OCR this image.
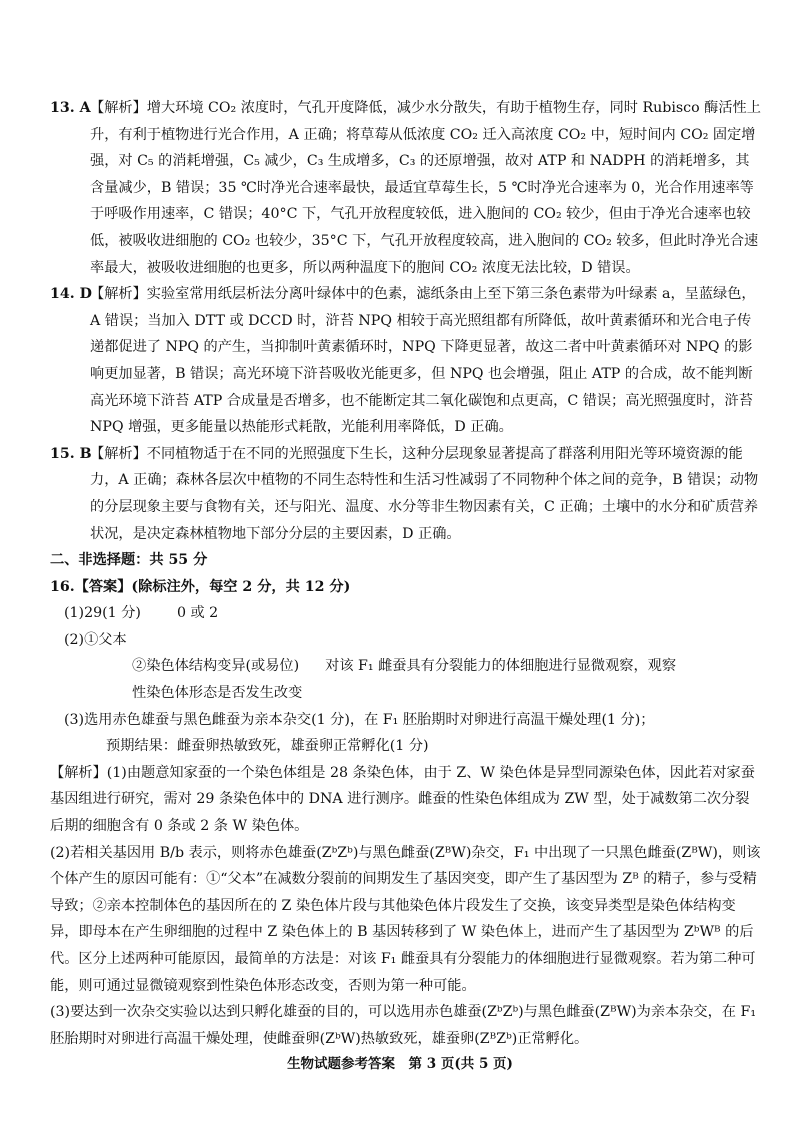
13. A 【解析】增大环境 CO₂ 浓度时，气孔开度降低，减少水分散失，有助于植物生存，同时 Rubisco 酶活性上升，有利于植物进行光合作用，A 正确；将草莓从低浓度 CO₂ 迁入高浓度 CO₂ 中，短时间内 CO₂ 固定增强，对 C₅ 的消耗增强，C₅ 减少，C₃ 生成增多，C₃ 的还原增强，故对 ATP 和 NADPH 的消耗增多，其含量减少，B 错误；35 ℃时净光合速率最快，最适宜草莓生长，5 ℃时净光合速率为 0，光合作用速率等于呼吸作用速率，C 错误；40°C 下，气孔开放程度较低，进入胞间的 CO₂ 较少，但由于净光合速率也较低，被吸收进细胞的 CO₂ 也较少，35°C 下，气孔开放程度较高，进入胞间的 CO₂ 较多，但此时净光合速率最大，被吸收进细胞的也更多，所以两种温度下的胞间 CO₂ 浓度无法比较，D 错误。
14. D
【解析】实验室常用纸层析法分离叶绿体中的色素，滤纸条由上至下第三条色素带为叶绿素 a，呈蓝绿色，A 错误；当加入 DTT 或 DCCD 时，浒苔 NPQ 相较于高光照组都有所降低，故叶黄素循环和光合电子传递都促进了 NPQ 的产生，当抑制叶黄素循环时，NPQ 下降更显著，故这二者中叶黄素循环对 NPQ 的影响更加显著，B 错误；高光环境下浒苔吸收光能更多，但 NPQ 也会增强，阻止 ATP 的合成，故不能判断高光环境下浒苔 ATP 合成量是否增多，也不能断定其二氧化碳饱和点更高，C 错误；高光照强度时，浒苔 NPQ 增强，更多能量以热能形式耗散，光能利用率降低，D 正确。
15. B
【解析】不同植物适于在不同的光照强度下生长，这种分层现象显著提高了群落利用阳光等环境资源的能力，A 正确；森林各层次中植物的不同生态特性和生活习性减弱了不同物种个体之间的竞争，B 错误；动物的分层现象主要与食物有关，还与阳光、温度、水分等非生物因素有关，C 正确；土壤中的水分和矿质营养状况，是决定森林植物地下部分分层的主要因素，D 正确。

二、非选择题：共 55 分

16.【答案】(除标注外，每空 2 分，共 12 分)

(1)29(1 分)	0 或 2

(2)①父本

②染色体结构变异(或易位) 对该 F₁ 雌蚕具有分裂能力的体细胞进行显微观察，观察

性染色体形态是否发生改变

(3)选用赤色雄蚕与黑色雌蚕为亲本杂交(1 分)，在 F₁ 胚胎期时对卵进行高温干燥处理(1 分)；

预期结果：雌蚕卵热敏致死，雄蚕卵正常孵化(1 分)

【解析】(1)由题意知家蚕的一个染色体组是 28 条染色体，由于 Z、W 染色体是异型同源染色体，因此若对家蚕基因组进行研究，需对 29 条染色体中的 DNA 进行测序。雌蚕的性染色体组成为 ZW 型，处于减数第二次分裂后期的细胞含有 0 条或 2 条 W 染色体。

(2)若相关基因用 B/b 表示，则将赤色雄蚕(ZᵇZᵇ)与黑色雌蚕(ZᴮW)杂交，F₁ 中出现了一只黑色雌蚕(ZᴮW)，则该个体产生的原因可能有：①“父本”在减数分裂前的间期发生了基因突变，即产生了基因型为 Zᴮ 的精子，参与受精导致；②亲本控制体色的基因所在的 Z 染色体片段与其他染色体片段发生了交换，该变异类型是染色体结构变异，即母本在产生卵细胞的过程中 Z 染色体上的 B 基因转移到了 W 染色体上，进而产生了基因型为 ZᵇWᴮ 的后代。区分上述两种可能原因，最简单的方法是：对该 F₁ 雌蚕具有分裂能力的体细胞进行显微观察。若为第二种可能，则可通过显微镜观察到性染色体形态改变，否则为第一种可能。

(3)要达到一次杂交实验以达到只孵化雄蚕的目的，可以选用赤色雄蚕(ZᵇZᵇ)与黑色雌蚕(ZᴮW)为亲本杂交，在 F₁ 胚胎期时对卵进行高温干燥处理，使雌蚕卵(ZᵇW)热敏致死，雄蚕卵(ZᴮZᵇ)正常孵化。

生物试题参考答案　第 3 页(共 5 页)
